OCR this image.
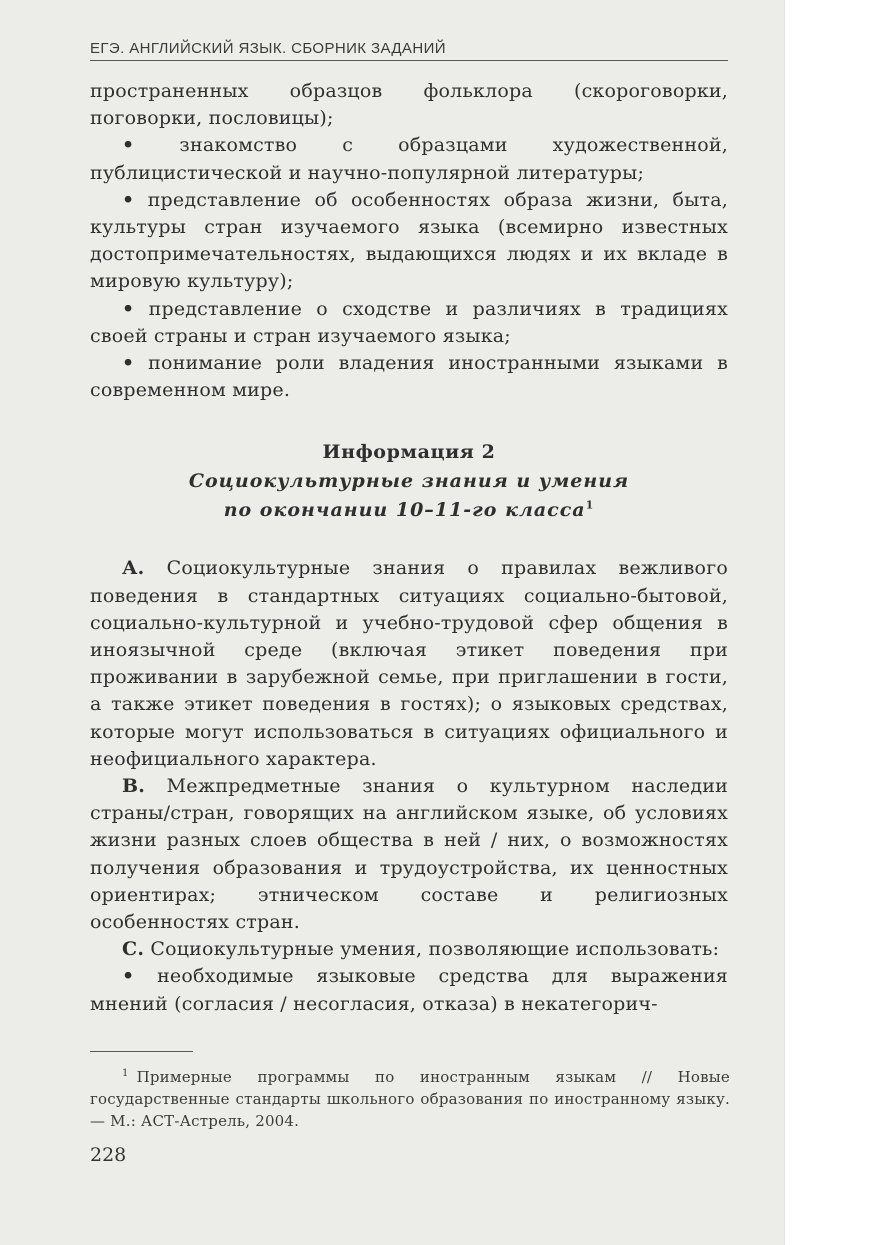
ЕГЭ. АНГЛИЙСКИЙ ЯЗЫК. СБОРНИК ЗАДАНИЙ

пространенных образцов фольклора (скороговорки, поговорки, пословицы);

• знакомство с образцами художественной, публицистической и научно-популярной литературы;

• представление об особенностях образа жизни, быта, культуры стран изучаемого языка (всемирно известных достопримечательностях, выдающихся людях и их вкладе в мировую культуру);

• представление о сходстве и различиях в традициях своей страны и стран изучаемого языка;

• понимание роли владения иностранными языками в современном мире.

Информация 2
Социокультурные знания и умения
по окончании 10–11-го класса$^1$

А. Социокультурные знания о правилах вежливого поведения в стандартных ситуациях социально-бытовой, социально-культурной и учебно-трудовой сфер общения в иноязычной среде (включая этикет поведения при проживании в зарубежной семье, при приглашении в гости, а также этикет поведения в гостях); о языковых средствах, которые могут использоваться в ситуациях официального и неофициального характера.

В. Межпредметные знания о культурном наследии страны/стран, говорящих на английском языке, об условиях жизни разных слоев общества в ней / них, о возможностях получения образования и трудоустройства, их ценностных ориентирах; этническом составе и религиозных особенностях стран.

С. Социокультурные умения, позволяющие использовать:

• необходимые языковые средства для выражения мнений (согласия / несогласия, отказа) в некатегорич-

$^1$ Примерные программы по иностранным языкам // Новые государственные стандарты школьного образования по иностранному языку. — М.: АСТ-Астрель, 2004.
228
